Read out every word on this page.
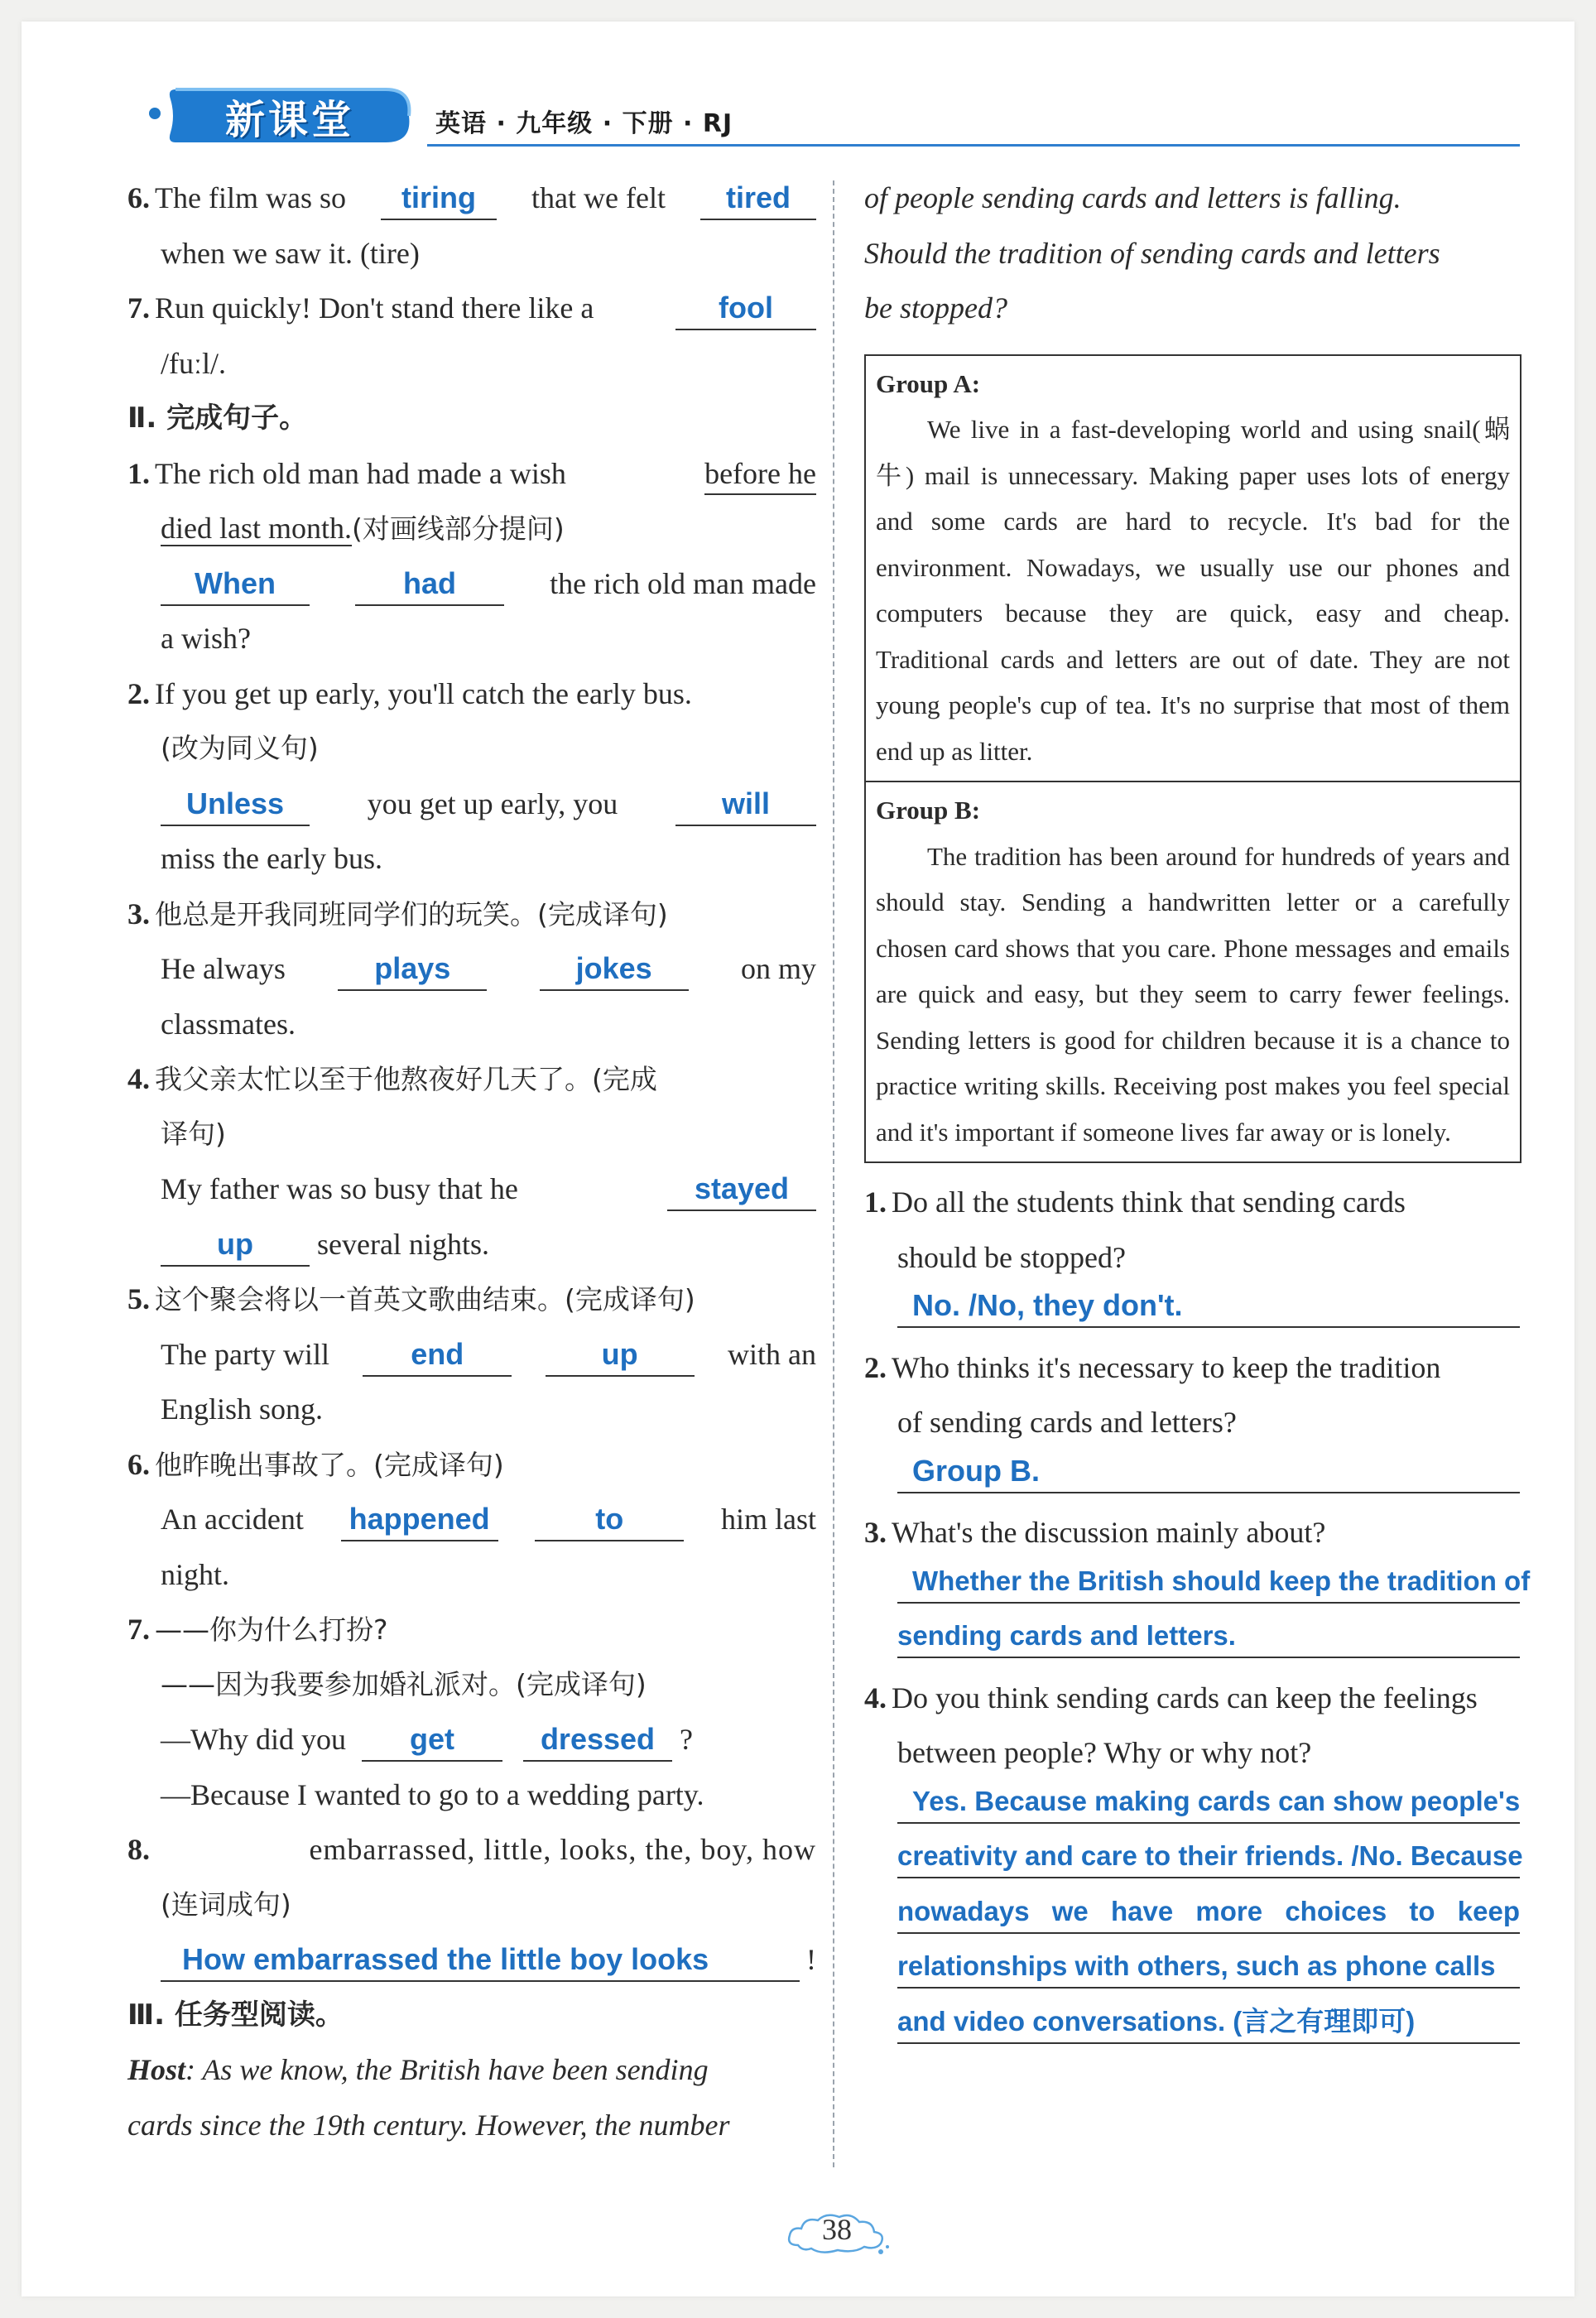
新课堂	英语 · 九年级 · 下册 · RJ
6. The film was so	tiring	that we felt	tired
when we saw it. (tire)
7. Run quickly! Don't stand there like a	fool
/fuːl/.
Ⅱ. 完成句子。
1. The rich old man had made a wish	before he
died last month.(对画线部分提问)
When	had	the rich old man made
a wish?
2. If you get up early, you'll catch the early bus.
(改为同义句)
Unless	you get up early, you	will
miss the early bus.
3. 他总是开我同班同学们的玩笑。(完成译句)
He always	plays	jokes	on my
classmates.
4. 我父亲太忙以至于他熬夜好几天了。(完成
译句)
My father was so busy that he	stayed
up several nights.
5. 这个聚会将以一首英文歌曲结束。(完成译句)
The party will	end	up	with an
English song.
6. 他昨晚出事故了。(完成译句)
An accident happened	to	him last
night.
7. ——你为什么打扮?
——因为我要参加婚礼派对。(完成译句)
—Why did you get	dressed ?
—Because I wanted to go to a wedding party.
8.	embarrassed, little, looks, the, boy, how
(连词成句)
How embarrassed the little boy looks	!
Ⅲ. 任务型阅读。
Host: As we know, the British have been sending
cards since the 19th century. However, the number
of people sending cards and letters is falling.
Should the tradition of sending cards and letters
be stopped?
Group A:

We live in a fast-developing world and using snail(蜗牛) mail is unnecessary. Making paper uses lots of energy and some cards are hard to recycle. It's bad for the environment. Nowadays, we usually use our phones and computers because they are quick, easy and cheap. Traditional cards and letters are out of date. They are not young people's cup of tea. It's no surprise that most of them end up as litter.

Group B:

The tradition has been around for hundreds of years and should stay. Sending a handwritten letter or a carefully chosen card shows that you care. Phone messages and emails are quick and easy, but they seem to carry fewer feelings. Sending letters is good for children because it is a chance to practice writing skills. Receiving post makes you feel special and it's important if someone lives far away or is lonely.

1. Do all the students think that sending cards
should be stopped?
No. /No, they don't.
2. Who thinks it's necessary to keep the tradition
of sending cards and letters?
Group B.
3. What's the discussion mainly about?
Whether the British should keep the tradition of
sending cards and letters.
4. Do you think sending cards can keep the feelings
between people? Why or why not?
Yes. Because making cards can show people's
creativity and care to their friends. /No. Because
nowadays we have more choices to keep
relationships with others, such as phone calls
and video conversations. (言之有理即可)
38
